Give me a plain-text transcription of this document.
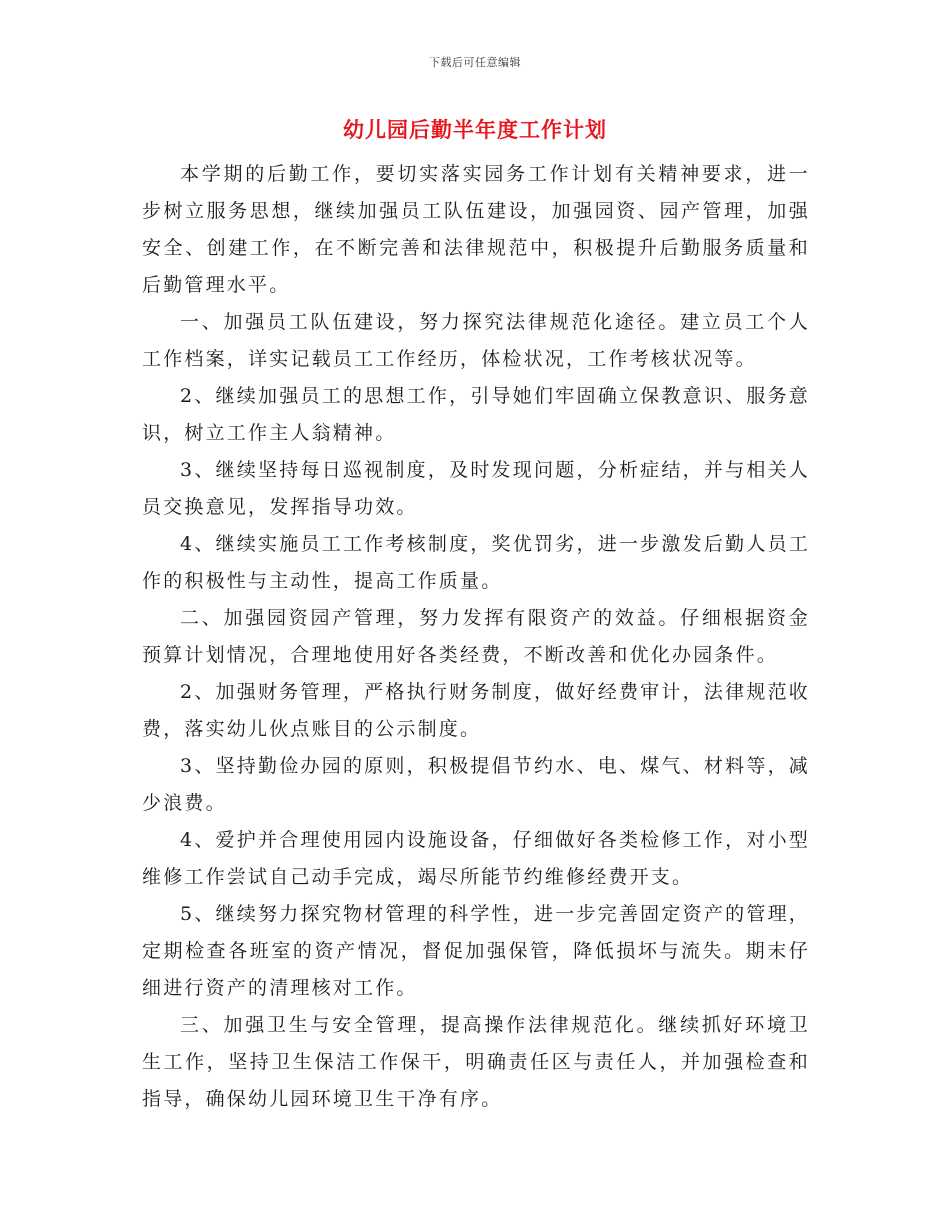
下载后可任意编辑
幼儿园后勤半年度工作计划

本学期的后勤工作，要切实落实园务工作计划有关精神要求，进一步树立服务思想，继续加强员工队伍建设，加强园资、园产管理，加强安全、创建工作，在不断完善和法律规范中，积极提升后勤服务质量和后勤管理水平。

一、加强员工队伍建设，努力探究法律规范化途径。建立员工个人工作档案，详实记载员工工作经历，体检状况，工作考核状况等。

2、继续加强员工的思想工作，引导她们牢固确立保教意识、服务意识，树立工作主人翁精神。

3、继续坚持每日巡视制度，及时发现问题，分析症结，并与相关人员交换意见，发挥指导功效。

4、继续实施员工工作考核制度，奖优罚劣，进一步激发后勤人员工作的积极性与主动性，提高工作质量。

二、加强园资园产管理，努力发挥有限资产的效益。仔细根据资金预算计划情况，合理地使用好各类经费，不断改善和优化办园条件。

2、加强财务管理，严格执行财务制度，做好经费审计，法律规范收费，落实幼儿伙点账目的公示制度。

3、坚持勤俭办园的原则，积极提倡节约水、电、煤气、材料等，减少浪费。

4、爱护并合理使用园内设施设备，仔细做好各类检修工作，对小型维修工作尝试自己动手完成，竭尽所能节约维修经费开支。

5、继续努力探究物材管理的科学性，进一步完善固定资产的管理，定期检查各班室的资产情况，督促加强保管，降低损坏与流失。期末仔细进行资产的清理核对工作。

三、加强卫生与安全管理，提高操作法律规范化。继续抓好环境卫生工作，坚持卫生保洁工作保干，明确责任区与责任人，并加强检查和指导，确保幼儿园环境卫生干净有序。
